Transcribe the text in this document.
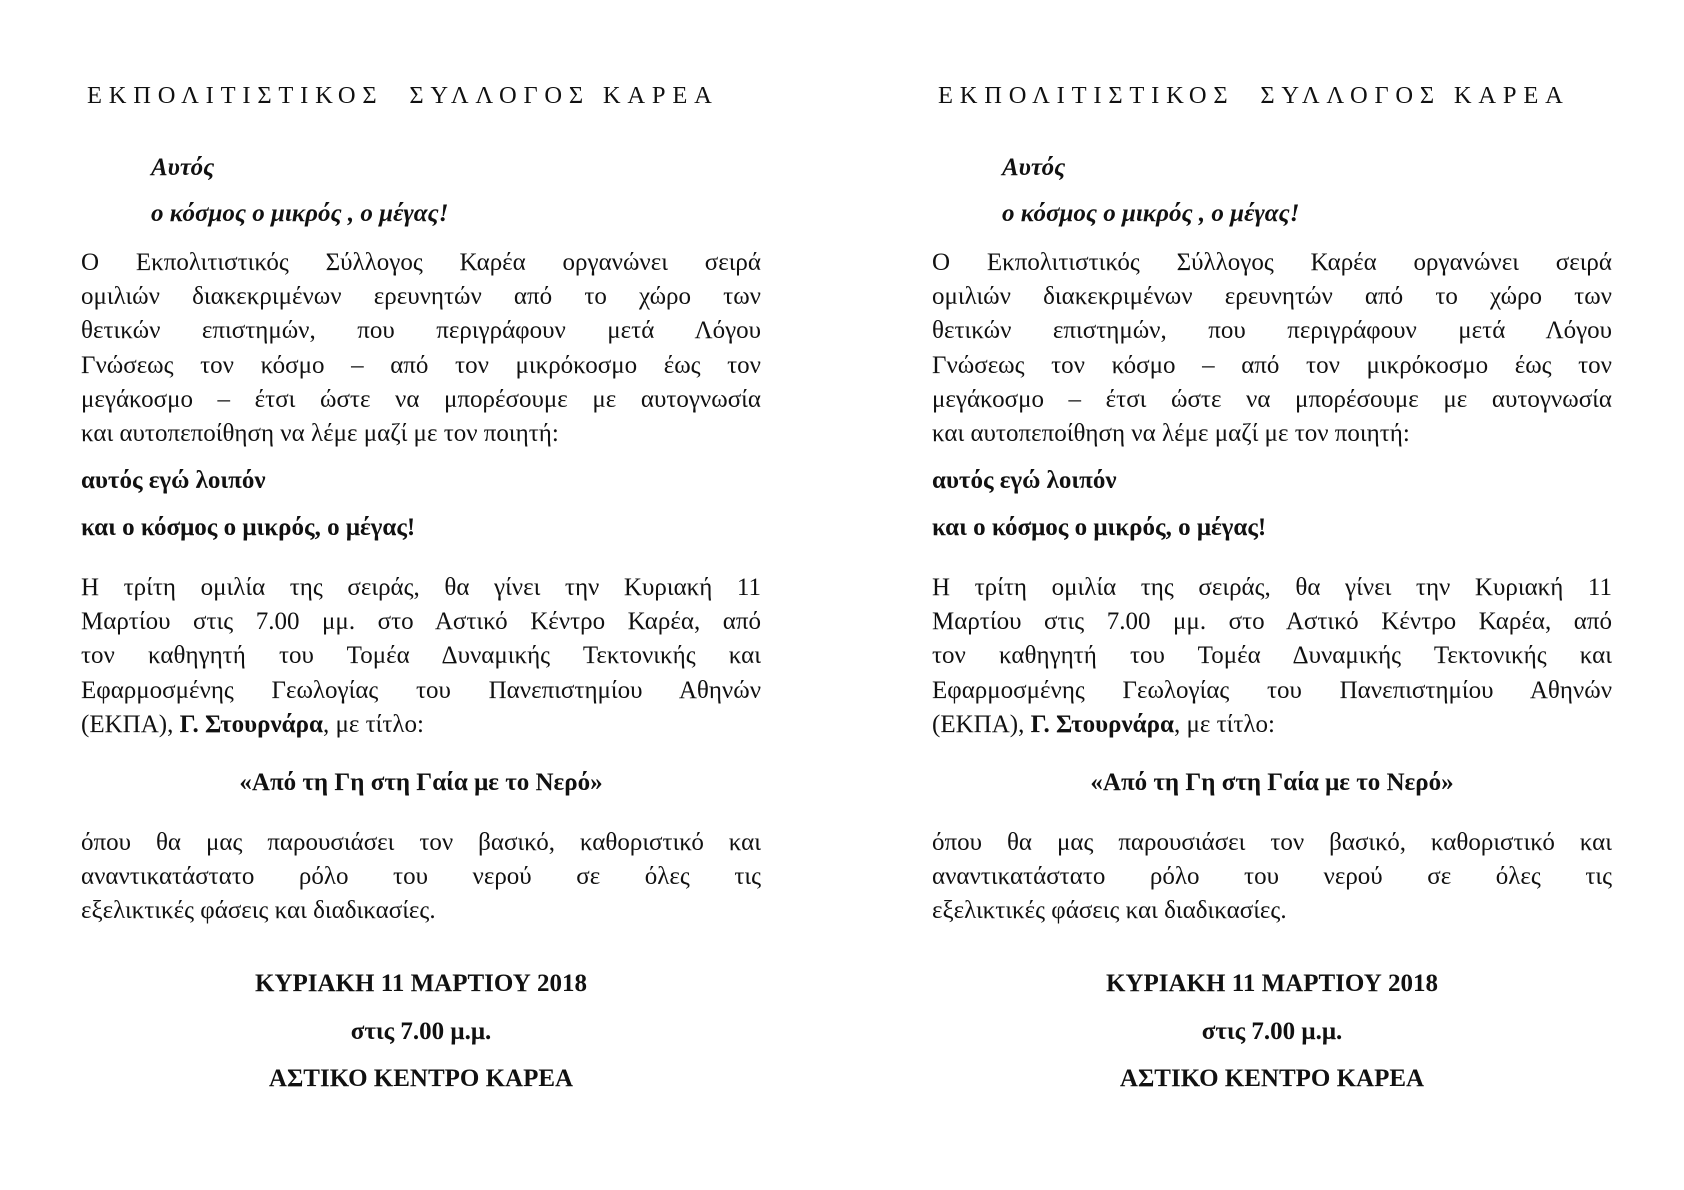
ΕΚΠΟΛΙΤΙΣΤΙΚΟΣ  ΣΥΛΛΟΓΟΣ ΚΑΡΕΑ
Αυτός
ο κόσμος ο μικρός , ο μέγας!
Ο Εκπολιτιστικός Σύλλογος Καρέα οργανώνει σειρά
ομιλιών διακεκριμένων ερευνητών από το χώρο των
θετικών επιστημών, που περιγράφουν μετά Λόγου
Γνώσεως τον κόσμο – από τον μικρόκοσμο έως τον
μεγάκοσμο – έτσι ώστε να μπορέσουμε με αυτογνωσία
και αυτοπεποίθηση να λέμε μαζί με τον ποιητή:
αυτός εγώ λοιπόν
και ο κόσμος ο μικρός, ο μέγας!
Η τρίτη ομιλία της σειράς, θα γίνει την Κυριακή 11
Μαρτίου στις 7.00 μμ. στο Αστικό Κέντρο Καρέα, από
τον καθηγητή του Τομέα Δυναμικής Τεκτονικής και
Εφαρμοσμένης Γεωλογίας του Πανεπιστημίου Αθηνών
(ΕΚΠΑ), Γ. Στουρνάρα, με τίτλο:
«Από τη Γη στη Γαία με το Νερό»
όπου θα μας παρουσιάσει τον βασικό, καθοριστικό και
αναντικατάστατο ρόλο του νερού σε όλες τις
εξελικτικές φάσεις και διαδικασίες.
ΚΥΡΙΑΚΗ 11 ΜΑΡΤΙΟΥ 2018
στις 7.00 μ.μ.
ΑΣΤΙΚΟ ΚΕΝΤΡΟ ΚΑΡΕΑ
ΕΚΠΟΛΙΤΙΣΤΙΚΟΣ  ΣΥΛΛΟΓΟΣ ΚΑΡΕΑ
Αυτός
ο κόσμος ο μικρός , ο μέγας!
Ο Εκπολιτιστικός Σύλλογος Καρέα οργανώνει σειρά
ομιλιών διακεκριμένων ερευνητών από το χώρο των
θετικών επιστημών, που περιγράφουν μετά Λόγου
Γνώσεως τον κόσμο – από τον μικρόκοσμο έως τον
μεγάκοσμο – έτσι ώστε να μπορέσουμε με αυτογνωσία
και αυτοπεποίθηση να λέμε μαζί με τον ποιητή:
αυτός εγώ λοιπόν
και ο κόσμος ο μικρός, ο μέγας!
Η τρίτη ομιλία της σειράς, θα γίνει την Κυριακή 11
Μαρτίου στις 7.00 μμ. στο Αστικό Κέντρο Καρέα, από
τον καθηγητή του Τομέα Δυναμικής Τεκτονικής και
Εφαρμοσμένης Γεωλογίας του Πανεπιστημίου Αθηνών
(ΕΚΠΑ), Γ. Στουρνάρα, με τίτλο:
«Από τη Γη στη Γαία με το Νερό»
όπου θα μας παρουσιάσει τον βασικό, καθοριστικό και
αναντικατάστατο ρόλο του νερού σε όλες τις
εξελικτικές φάσεις και διαδικασίες.
ΚΥΡΙΑΚΗ 11 ΜΑΡΤΙΟΥ 2018
στις 7.00 μ.μ.
ΑΣΤΙΚΟ ΚΕΝΤΡΟ ΚΑΡΕΑ
